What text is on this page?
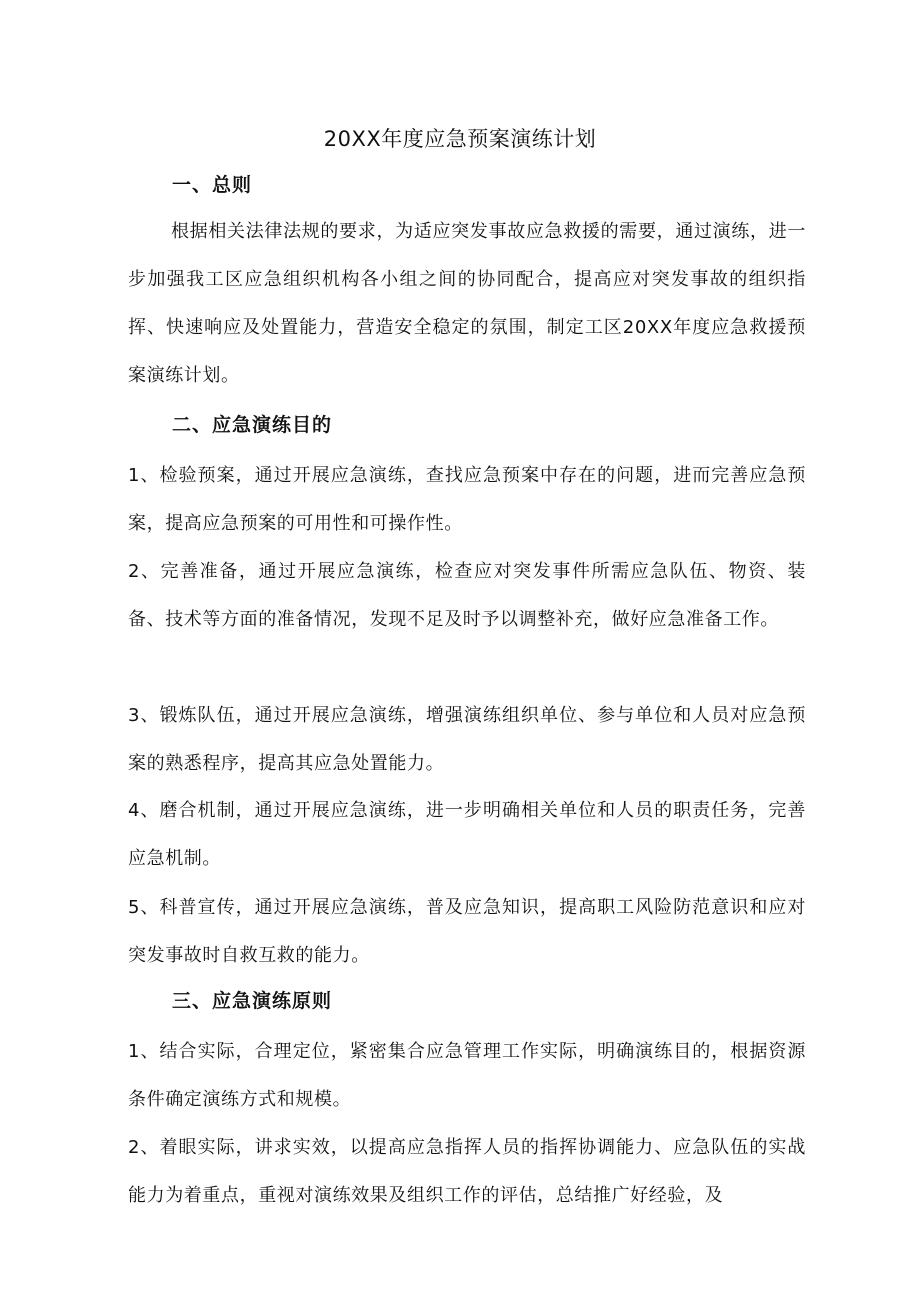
20XX年度应急预案演练计划
一、总则
根据相关法律法规的要求，为适应突发事故应急救援的需要，通过演练，进一步加强我工区应急组织机构各小组之间的协同配合，提高应对突发事故的组织指挥、快速响应及处置能力，营造安全稳定的氛围，制定工区20XX年度应急救援预案演练计划。
二、应急演练目的
1、检验预案，通过开展应急演练，查找应急预案中存在的问题，进而完善应急预案，提高应急预案的可用性和可操作性。
2、完善准备，通过开展应急演练，检查应对突发事件所需应急队伍、物资、装备、技术等方面的准备情况，发现不足及时予以调整补充，做好应急准备工作。
3、锻炼队伍，通过开展应急演练，增强演练组织单位、参与单位和人员对应急预案的熟悉程序，提高其应急处置能力。
4、磨合机制，通过开展应急演练，进一步明确相关单位和人员的职责任务，完善应急机制。
5、科普宣传，通过开展应急演练，普及应急知识，提高职工风险防范意识和应对突发事故时自救互救的能力。
三、应急演练原则
1、结合实际，合理定位，紧密集合应急管理工作实际，明确演练目的，根据资源条件确定演练方式和规模。
2、着眼实际，讲求实效，以提高应急指挥人员的指挥协调能力、应急队伍的实战能力为着重点，重视对演练效果及组织工作的评估，总结推广好经验，及
